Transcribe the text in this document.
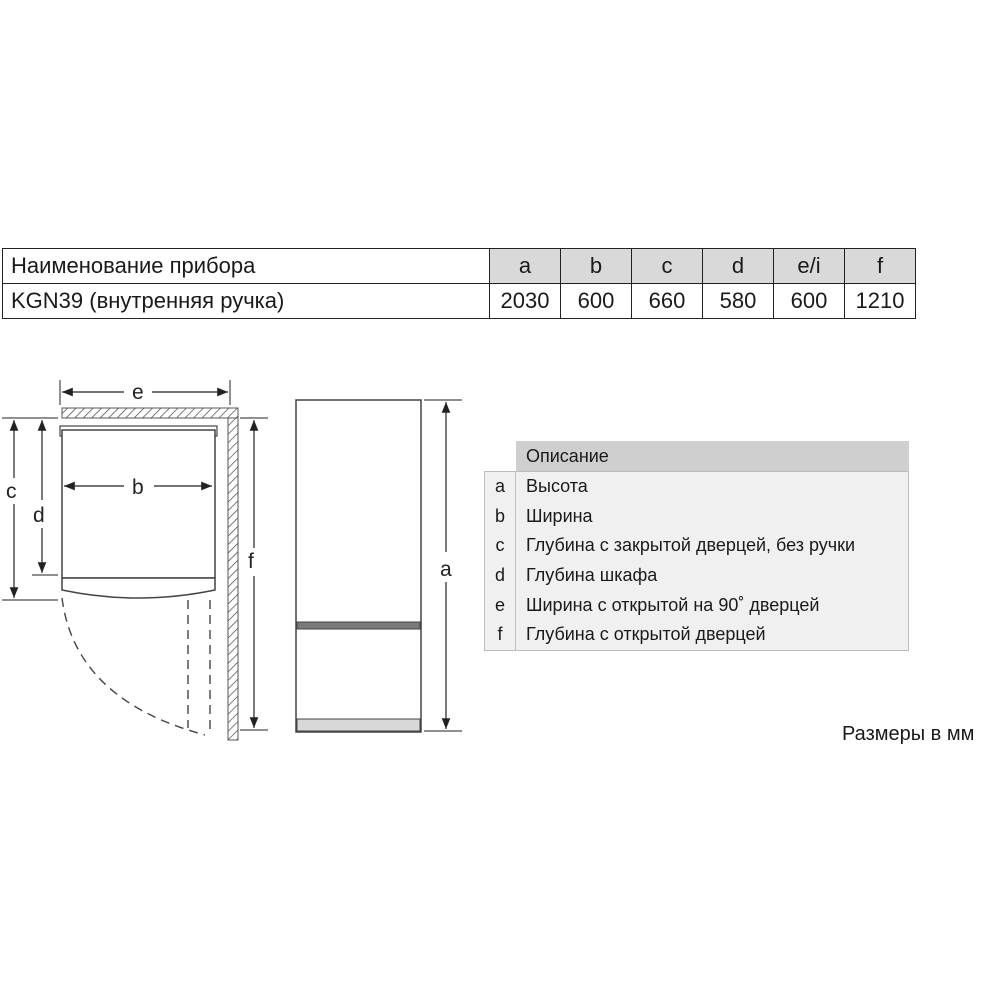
Наименование прибора	a	b	c	d	e/i	f
KGN39 (внутренняя ручка)	2030	600	660	580	600	1210
e
b
c
d
f	a
Описание
a	Высота
b	Ширина
c	Глубина с закрытой дверцей, без ручки
d	Глубина шкафа
e	Ширина с открытой на 90˚ дверцей
f	Глубина с открытой дверцей
Размеры в мм
